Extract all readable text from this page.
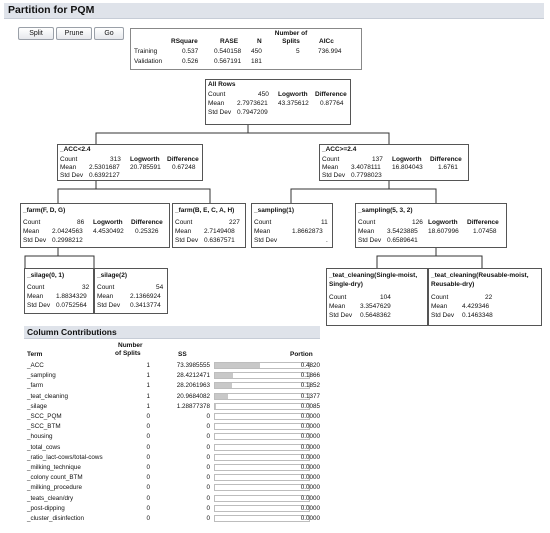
Partition for PQM
Split	Prune	Go
RSquare	RASE	N
Number of Splits	AICc
Training	0.537 0.540158 450	5	736.994
Validation	0.526 0.567191 181
All Rows
Count	450 Logworth Difference
Mean 2.7973621 43.375612 0.87764
Std Dev 0.7947209
_ACC<2.4
Count	313 Logworth Difference
Mean 2.5301687 20.785591 0.67248
Std Dev 0.6392127
_ACC>=2.4
Count	137 Logworth Difference
Mean 3.4078111 16.804043 1.6761
Std Dev 0.7798023
_farm(F, D, G)
Count	86 Logworth Difference
Mean 2.0424563 4.4530492 0.25326
Std Dev 0.2998212
_farm(B, E, C, A, H)
Count	227
Mean 2.7149408
Std Dev 0.6367571
_sampling(1)
Count	11
Mean	1.8662873
Std Dev	.
_sampling(5, 3, 2)
Count	126 Logworth Difference
Mean 3.5423885 18.607996 1.07458
Std Dev 0.6589641
_silage(0, 1)
Count	32
Mean 1.8834329
Std Dev 0.0752564
_silage(2)
Count	54
Mean	2.1366924
Std Dev 0.3413774
_teat_cleaning(Single-moist,
Single-dry)
Count	104
Mean 3.3547629
Std Dev 0.5648362
_teat_cleaning(Reusable-moist,
Reusable-dry)
Count	22
Mean 4.429346
Std Dev 0.1463348
Column Contributions
Number
of Splits
Term	SS	Portion
_ACC	1	73.3985555	0.4820
_sampling	1	28.4212471	0.1866
_farm	1	28.2061963	0.1852
_teat_cleaning	1	20.9684082	0.1377
_silage	1	1.28877378	0.0085
_SCC_PQM	0	0	0.0000
_SCC_BTM	0	0	0.0000
_housing	0	0	0.0000
_total_cows	0	0	0.0000
_ratio_lact-cows/total-cows	0	0	0.0000
_milking_technique	0	0	0.0000
_colony count_BTM	0	0	0.0000
_milking_procedure	0	0	0.0000
_teats_clean/dry	0	0	0.0000
_post-dipping	0	0	0.0000
_cluster_disinfection	0	0	0.0000
